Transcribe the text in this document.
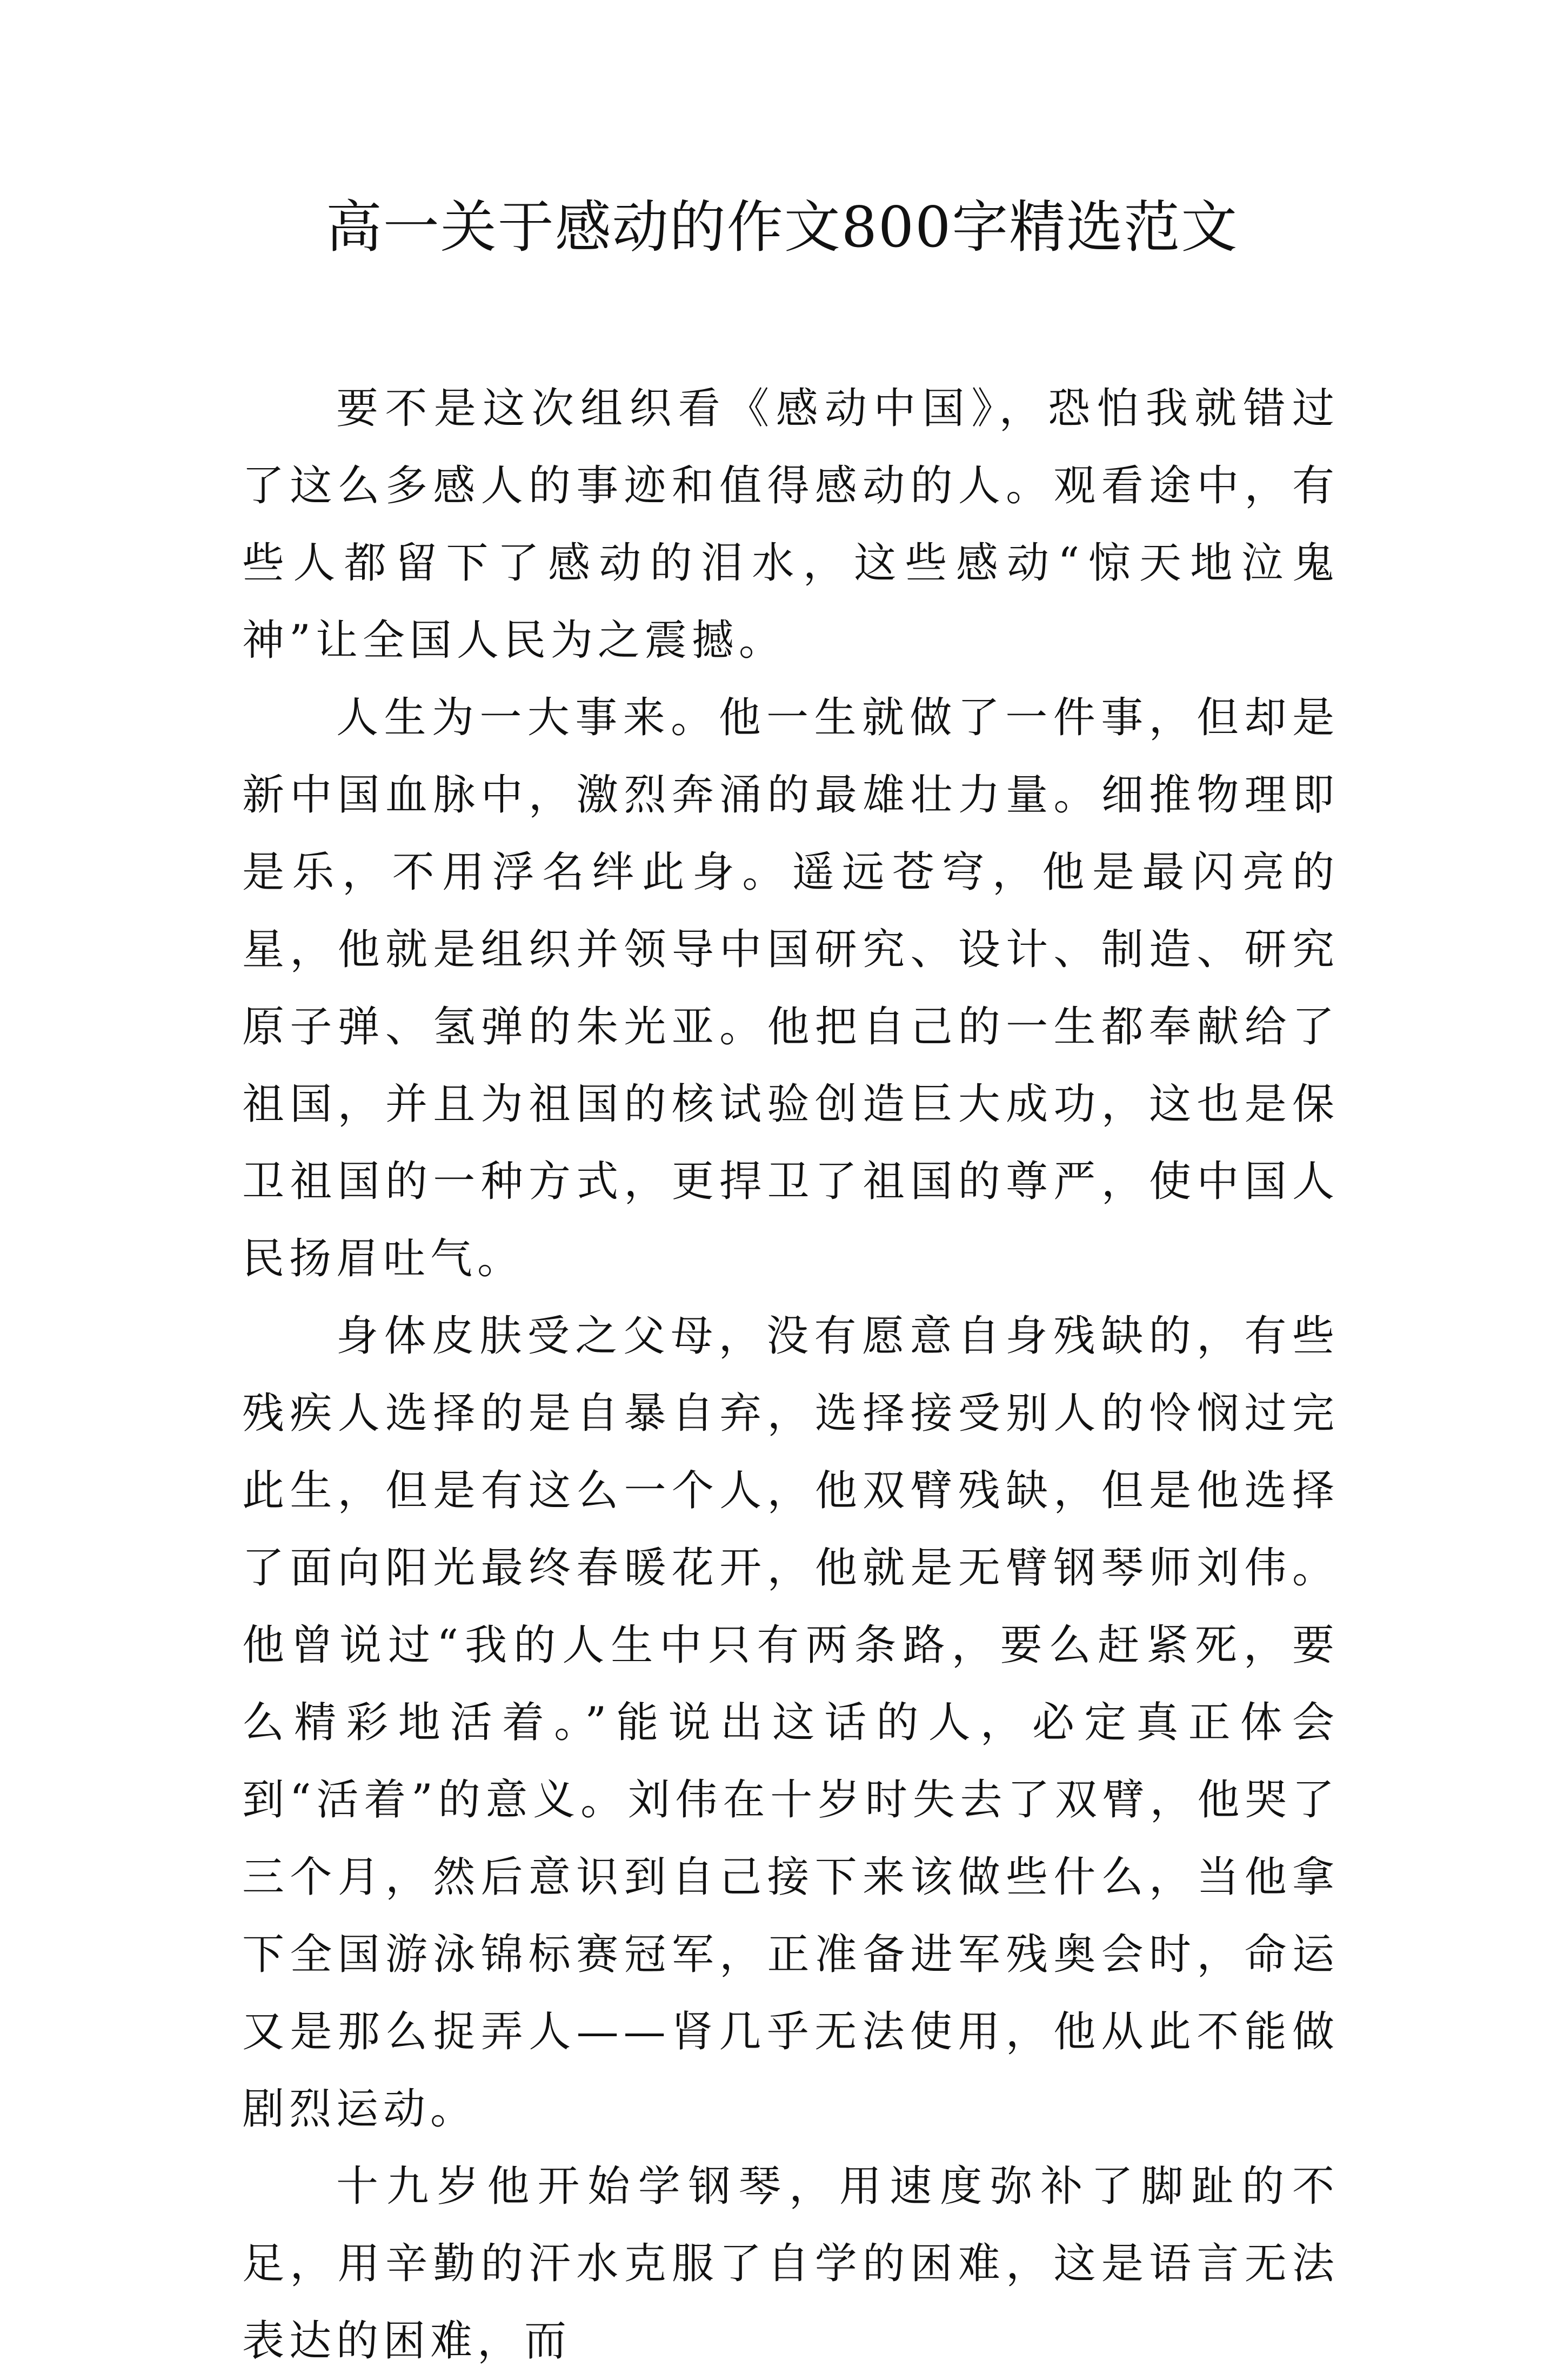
高一关于感动的作文800字精选范文

要不是这次组织看《感动中国》，恐怕我就错过了这么多感人的事迹和值得感动的人。观看途中，有些人都留下了感动的泪水，这些感动“惊天地泣鬼神”让全国人民为之震撼。

人生为一大事来。他一生就做了一件事，但却是新中国血脉中，激烈奔涌的最雄壮力量。细推物理即是乐，不用浮名绊此身。遥远苍穹，他是最闪亮的星，他就是组织并领导中国研究、设计、制造、研究原子弹、氢弹的朱光亚。他把自己的一生都奉献给了祖国，并且为祖国的核试验创造巨大成功，这也是保卫祖国的一种方式，更捍卫了祖国的尊严，使中国人民扬眉吐气。

身体皮肤受之父母，没有愿意自身残缺的，有些残疾人选择的是自暴自弃，选择接受别人的怜悯过完此生，但是有这么一个人，他双臂残缺，但是他选择了面向阳光最终春暖花开，他就是无臂钢琴师刘伟。他曾说过“我的人生中只有两条路，要么赶紧死，要么精彩地活着。”能说出这话的人，必定真正体会到“活着”的意义。刘伟在十岁时失去了双臂，他哭了三个月，然后意识到自己接下来该做些什么，当他拿下全国游泳锦标赛冠军，正准备进军残奥会时，命运又是那么捉弄人——肾几乎无法使用，他从此不能做剧烈运动。

十九岁他开始学钢琴，用速度弥补了脚趾的不足，用辛勤的汗水克服了自学的困难，这是语言无法表达的困难，而
